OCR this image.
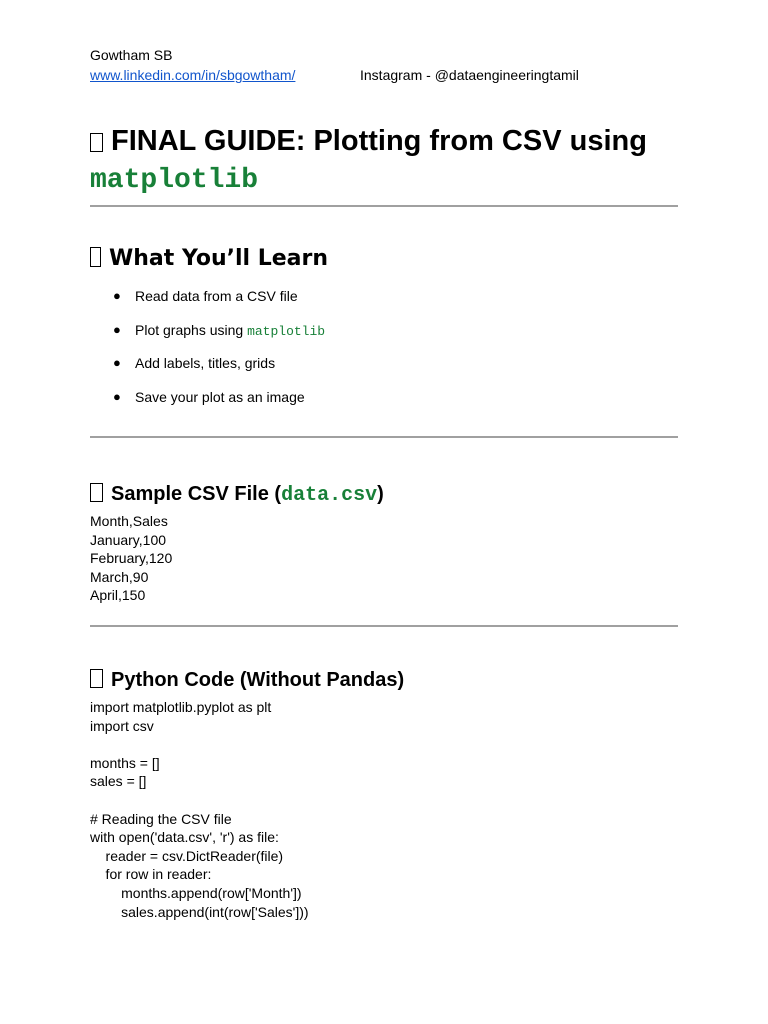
Gowtham SB
www.linkedin.com/in/sbgowtham/	Instagram - @dataengineeringtamil
FINAL GUIDE: Plotting from CSV using
matplotlib
What You’ll Learn
● Read data from a CSV file
● Plot graphs using matplotlib
● Add labels, titles, grids
● Save your plot as an image
Sample CSV File (data.csv)
Month,Sales
January,100
February,120
March,90
April,150
Python Code (Without Pandas)
import matplotlib.pyplot as plt
import csv

months = []
sales = []

# Reading the CSV file
with open('data.csv', 'r') as file:
reader = csv.DictReader(file)
for row in reader:
months.append(row['Month'])
sales.append(int(row['Sales']))
